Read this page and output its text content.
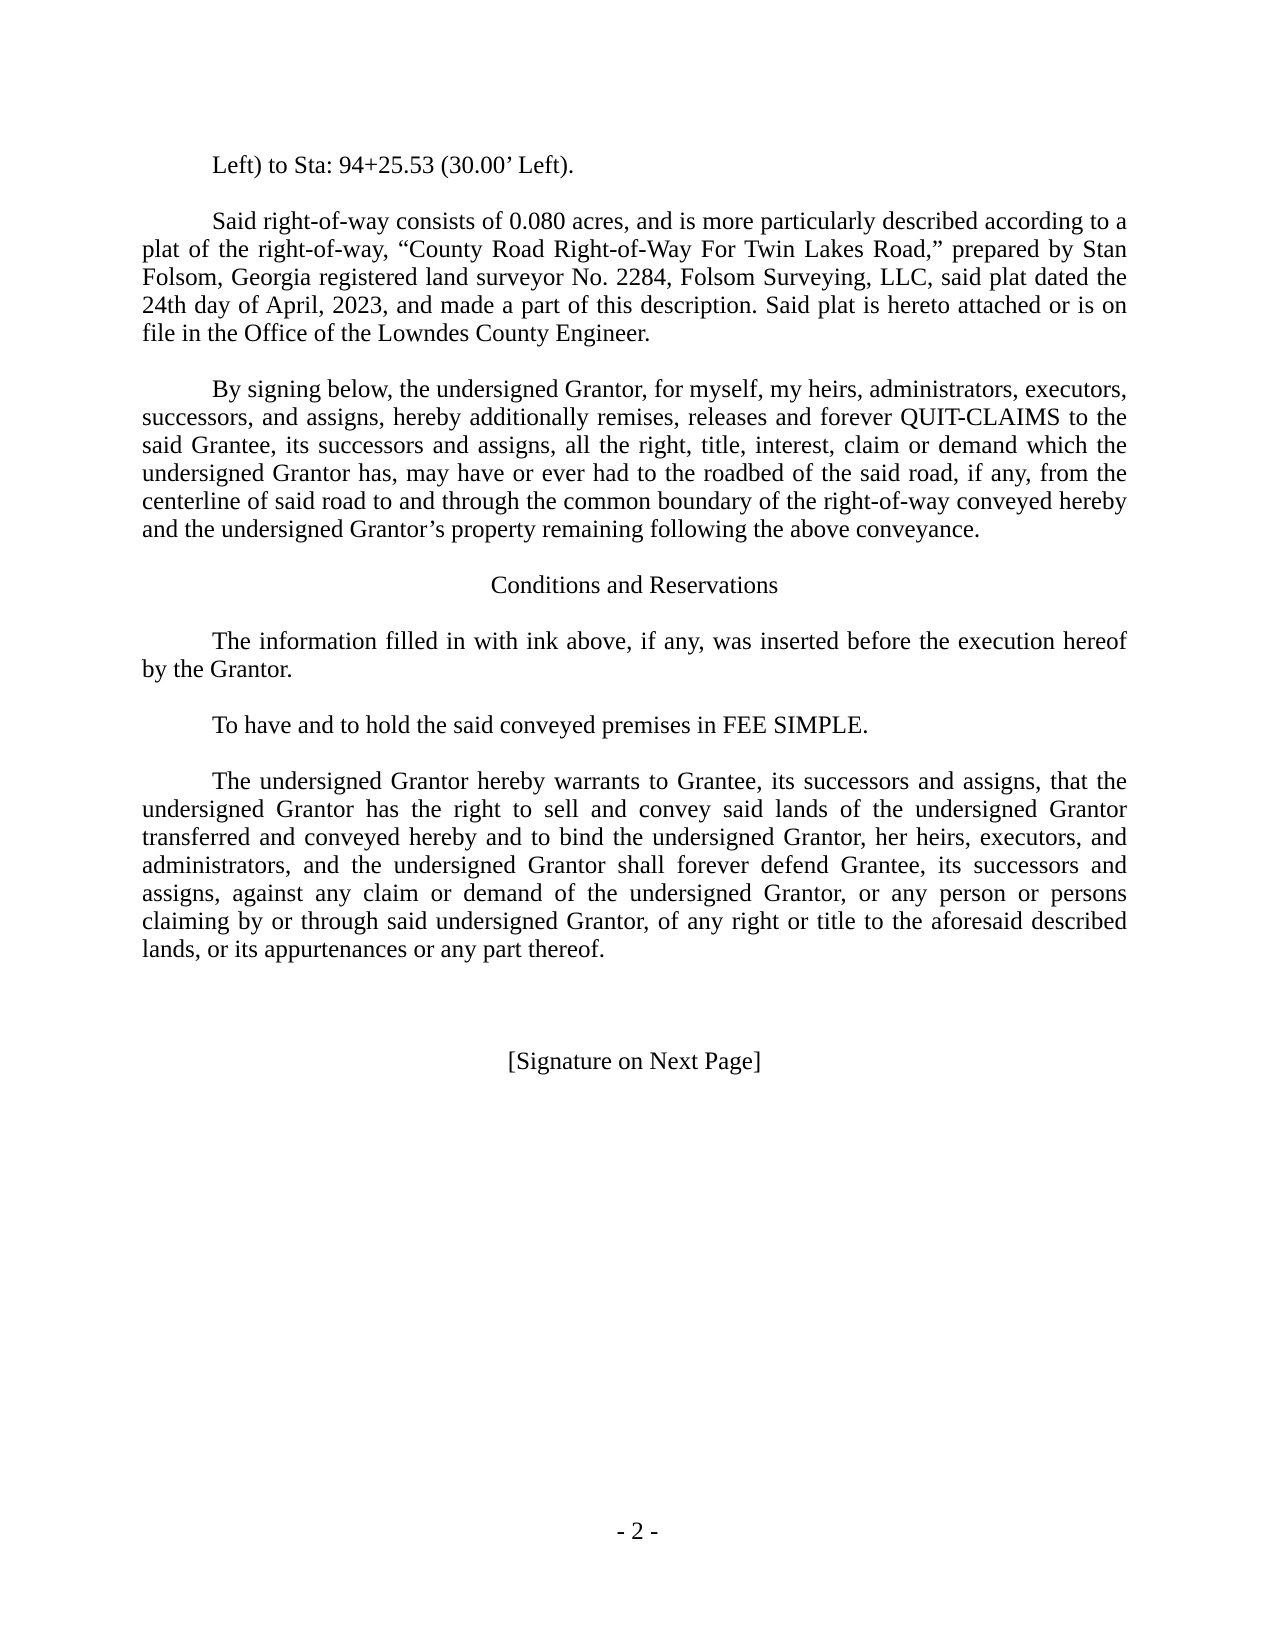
Left) to Sta: 94+25.53 (30.00’ Left).

Said right-of-way consists of 0.080 acres, and is more particularly described according to a plat of the right-of-way, “County Road Right-of-Way For Twin Lakes Road,” prepared by Stan Folsom, Georgia registered land surveyor No. 2284, Folsom Surveying, LLC, said plat dated the 24th day of April, 2023, and made a part of this description. Said plat is hereto attached or is on file in the Office of the Lowndes County Engineer.

By signing below, the undersigned Grantor, for myself, my heirs, administrators, executors, successors, and assigns, hereby additionally remises, releases and forever QUIT-CLAIMS to the said Grantee, its successors and assigns, all the right, title, interest, claim or demand which the undersigned Grantor has, may have or ever had to the roadbed of the said road, if any, from the centerline of said road to and through the common boundary of the right-of-way conveyed hereby and the undersigned Grantor’s property remaining following the above conveyance.

Conditions and Reservations

The information filled in with ink above, if any, was inserted before the execution hereof by the Grantor.

To have and to hold the said conveyed premises in FEE SIMPLE.

The undersigned Grantor hereby warrants to Grantee, its successors and assigns, that the undersigned Grantor has the right to sell and convey said lands of the undersigned Grantor transferred and conveyed hereby and to bind the undersigned Grantor, her heirs, executors, and administrators, and the undersigned Grantor shall forever defend Grantee, its successors and assigns, against any claim or demand of the undersigned Grantor, or any person or persons claiming by or through said undersigned Grantor, of any right or title to the aforesaid described lands, or its appurtenances or any part thereof.

[Signature on Next Page]

- 2 -
